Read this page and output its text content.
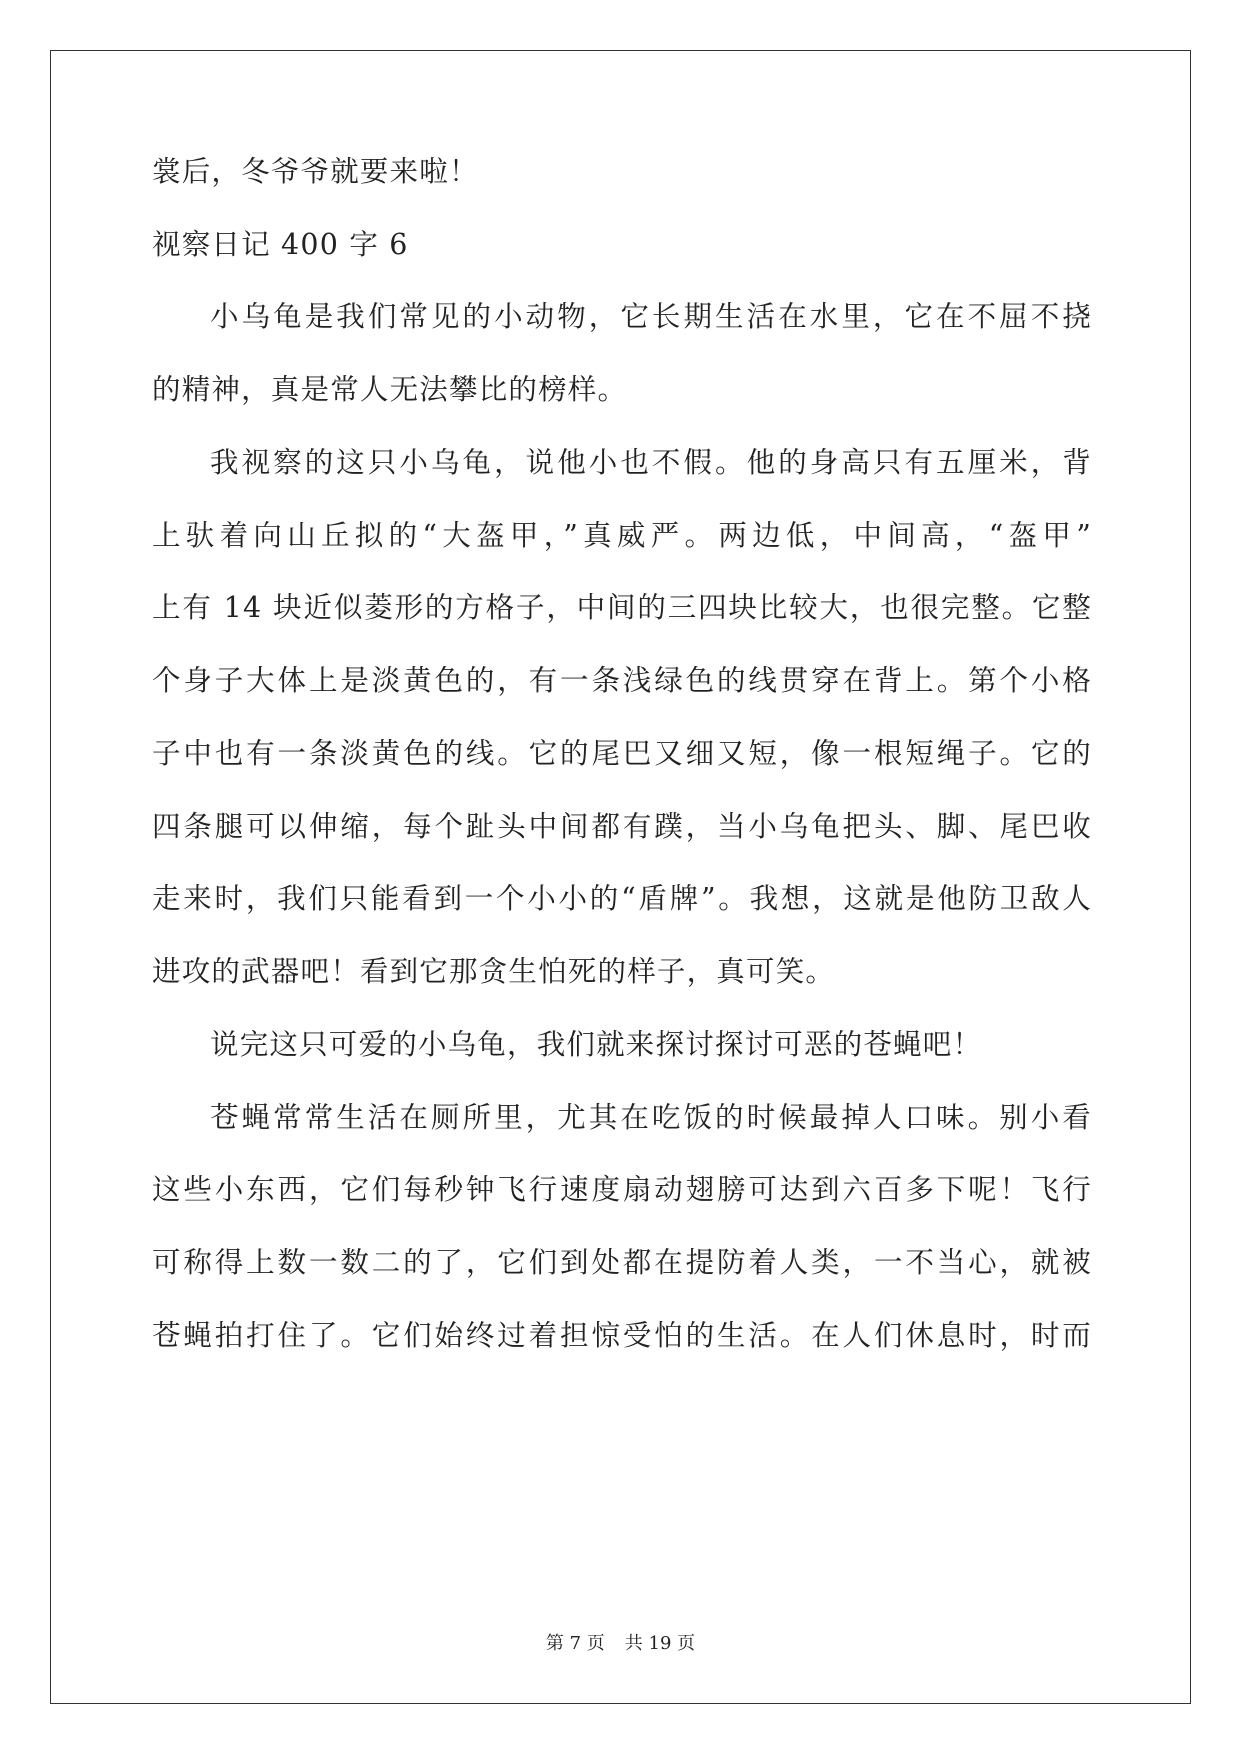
裳后，冬爷爷就要来啦！
视察日记 400 字 6
小乌龟是我们常见的小动物，它长期生活在水里，它在不屈不挠
的精神，真是常人无法攀比的榜样。
我视察的这只小乌龟，说他小也不假。他的身高只有五厘米，背
上驮着向山丘拟的“大盔甲，”真威严。两边低，中间高，“盔甲”
上有 14 块近似菱形的方格子，中间的三四块比较大，也很完整。它整
个身子大体上是淡黄色的，有一条浅绿色的线贯穿在背上。第个小格
子中也有一条淡黄色的线。它的尾巴又细又短，像一根短绳子。它的
四条腿可以伸缩，每个趾头中间都有蹼，当小乌龟把头、脚、尾巴收
走来时，我们只能看到一个小小的“盾牌”。我想，这就是他防卫敌人
进攻的武器吧！看到它那贪生怕死的样子，真可笑。
说完这只可爱的小乌龟，我们就来探讨探讨可恶的苍蝇吧！
苍蝇常常生活在厕所里，尤其在吃饭的时候最掉人口味。别小看
这些小东西，它们每秒钟飞行速度扇动翅膀可达到六百多下呢！飞行
可称得上数一数二的了，它们到处都在提防着人类，一不当心，就被
苍蝇拍打住了。它们始终过着担惊受怕的生活。在人们休息时，时而
第 7 页 共 19 页
